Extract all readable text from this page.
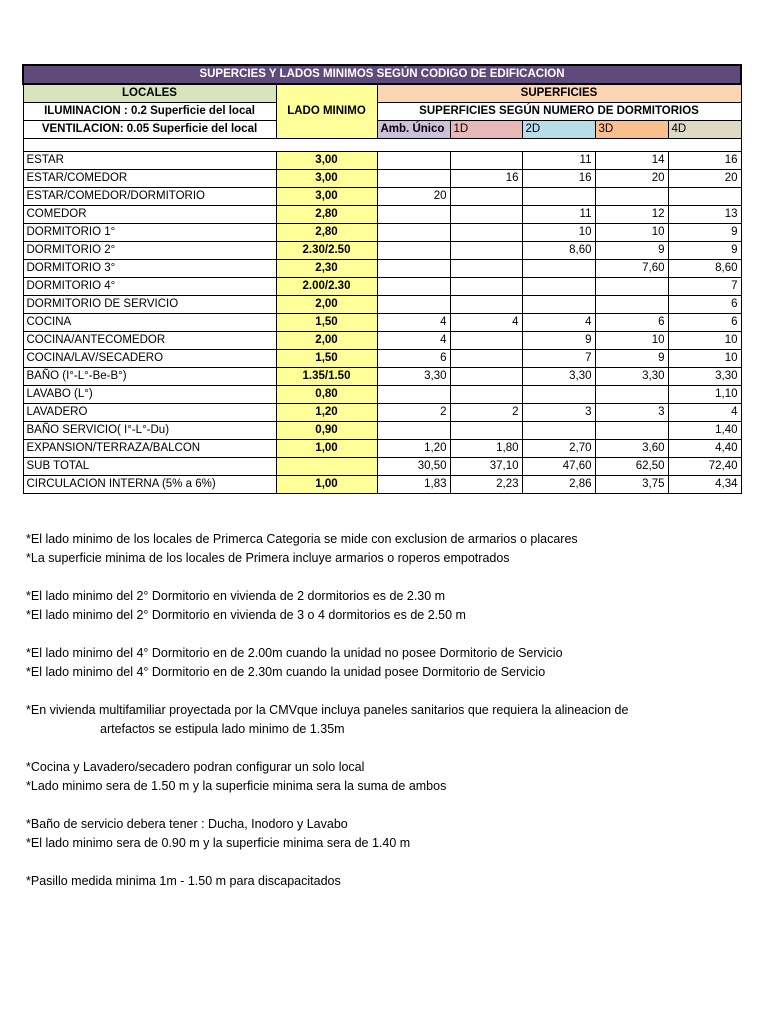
SUPERCIES Y LADOS MINIMOS SEGÚN CODIGO DE EDIFICACION						
LOCALES	LADO MINIMO	SUPERFICIES				
ILUMINACION : 0.2 Superficie del local		SUPERFICIES SEGÚN NUMERO DE DORMITORIOS				
VENTILACION: 0.05 Superficie del local		Amb. Único	1D	2D	3D	4D

ESTAR	3,00			11	14	16
ESTAR/COMEDOR	3,00		16	16	20	20
ESTAR/COMEDOR/DORMITORIO	3,00	20				
COMEDOR	2,80			11	12	13
DORMITORIO 1°	2,80			10	10	9
DORMITORIO 2°	2.30/2.50			8,60	9	9
DORMITORIO 3°	2,30				7,60	8,60
DORMITORIO 4°	2.00/2.30					7
DORMITORIO DE SERVICIO	2,00					6
COCINA	1,50	4	4	4	6	6
COCINA/ANTECOMEDOR	2,00	4		9	10	10
COCINA/LAV/SECADERO	1,50	6		7	9	10
BAÑO (I°-L°-Be-B°)	1.35/1.50	3,30		3,30	3,30	3,30
LAVABO (L°)	0,80					1,10
LAVADERO	1,20	2	2	3	3	4
BAÑO SERVICIO( I°-L°-Du)	0,90					1,40
EXPANSION/TERRAZA/BALCON	1,00	1,20	1,80	2,70	3,60	4,40
SUB TOTAL		30,50	37,10	47,60	62,50	72,40
CIRCULACION INTERNA (5% a 6%)	1,00	1,83	2,23	2,86	3,75	4,34

*El lado minimo de los locales de Primerca Categoria se mide con exclusion de armarios o placares

*La superficie minima de los locales de Primera incluye armarios o roperos empotrados

*El lado minimo del 2° Dormitorio en vivienda de 2 dormitorios es de 2.30 m

*El lado minimo del 2° Dormitorio en vivienda de 3 o 4 dormitorios es de 2.50 m

*El lado minimo del 4° Dormitorio en de 2.00m cuando la unidad no posee Dormitorio de Servicio

*El lado minimo del 4° Dormitorio en de 2.30m cuando la unidad posee Dormitorio de Servicio

*En vivienda multifamiliar proyectada por la CMVque incluya paneles sanitarios que requiera la alineacion de

artefactos se estipula lado minimo de 1.35m

*Cocina y Lavadero/secadero podran configurar un solo local

*Lado minimo sera de 1.50 m y la superficie minima sera la suma de ambos

*Baño de servicio debera tener : Ducha, Inodoro y Lavabo

*El lado minimo sera de 0.90 m y la superficie minima sera de 1.40 m

*Pasillo medida minima 1m - 1.50 m para discapacitados
